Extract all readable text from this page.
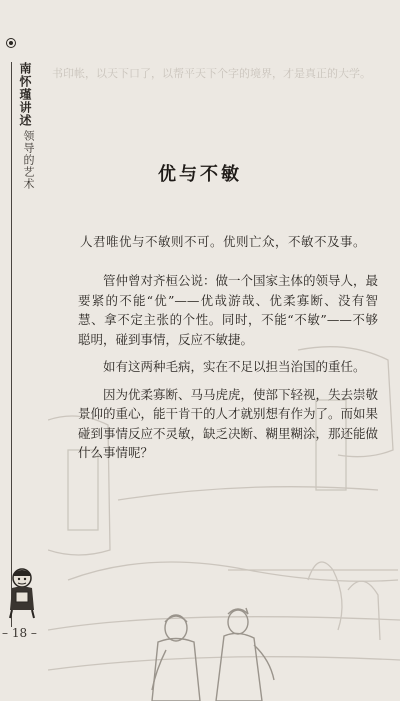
南怀瑾讲述
领导的艺术
– 18 –
书印帐，以天下口了，以帮平天下个字的境界，才是真正的大学。
优与不敏
人君唯优与不敏则不可。优则亡众，不敏不及事。

管仲曾对齐桓公说：做一个国家主体的领导人，最要紧的不能“优”——优哉游哉、优柔寡断、没有智慧、拿不定主张的个性。同时，不能“不敏”——不够聪明，碰到事情，反应不敏捷。

如有这两种毛病，实在不足以担当治国的重任。

因为优柔寡断、马马虎虎，使部下轻视，失去崇敬景仰的重心，能干肯干的人才就别想有作为了。而如果碰到事情反应不灵敏，缺乏决断、糊里糊涂，那还能做什么事情呢？
